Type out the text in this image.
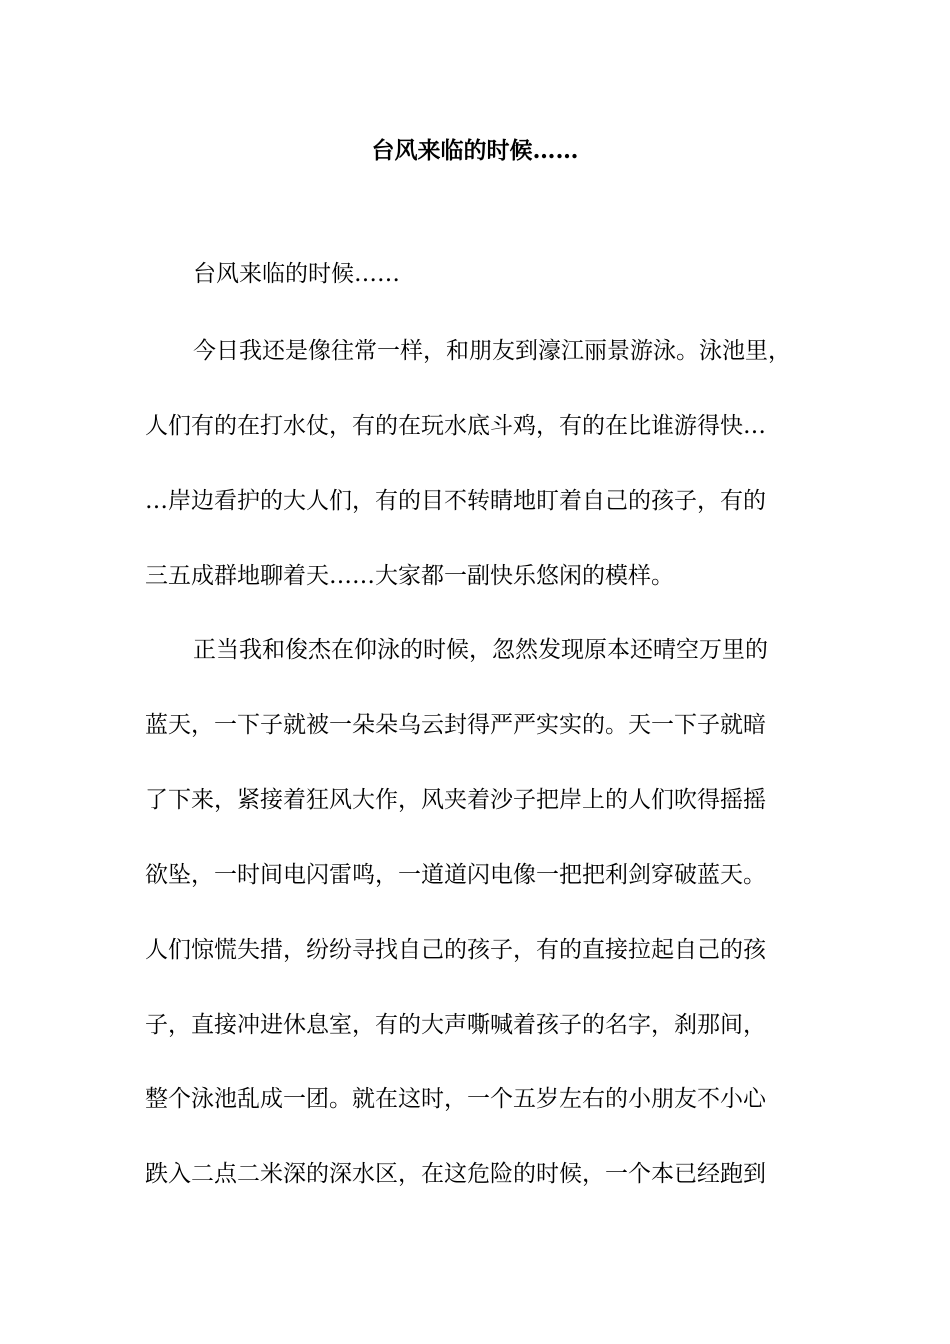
台风来临的时候……

台风来临的时候……

今日我还是像往常一样，和朋友到濠江丽景游泳。泳池里，

人们有的在打水仗，有的在玩水底斗鸡，有的在比谁游得快…

…岸边看护的大人们，有的目不转睛地盯着自己的孩子，有的

三五成群地聊着天……大家都一副快乐悠闲的模样。

正当我和俊杰在仰泳的时候，忽然发现原本还晴空万里的

蓝天，一下子就被一朵朵乌云封得严严实实的。天一下子就暗

了下来，紧接着狂风大作，风夹着沙子把岸上的人们吹得摇摇

欲坠，一时间电闪雷鸣，一道道闪电像一把把利剑穿破蓝天。

人们惊慌失措，纷纷寻找自己的孩子，有的直接拉起自己的孩

子，直接冲进休息室，有的大声嘶喊着孩子的名字，刹那间，

整个泳池乱成一团。就在这时，一个五岁左右的小朋友不小心

跌入二点二米深的深水区，在这危险的时候，一个本已经跑到
